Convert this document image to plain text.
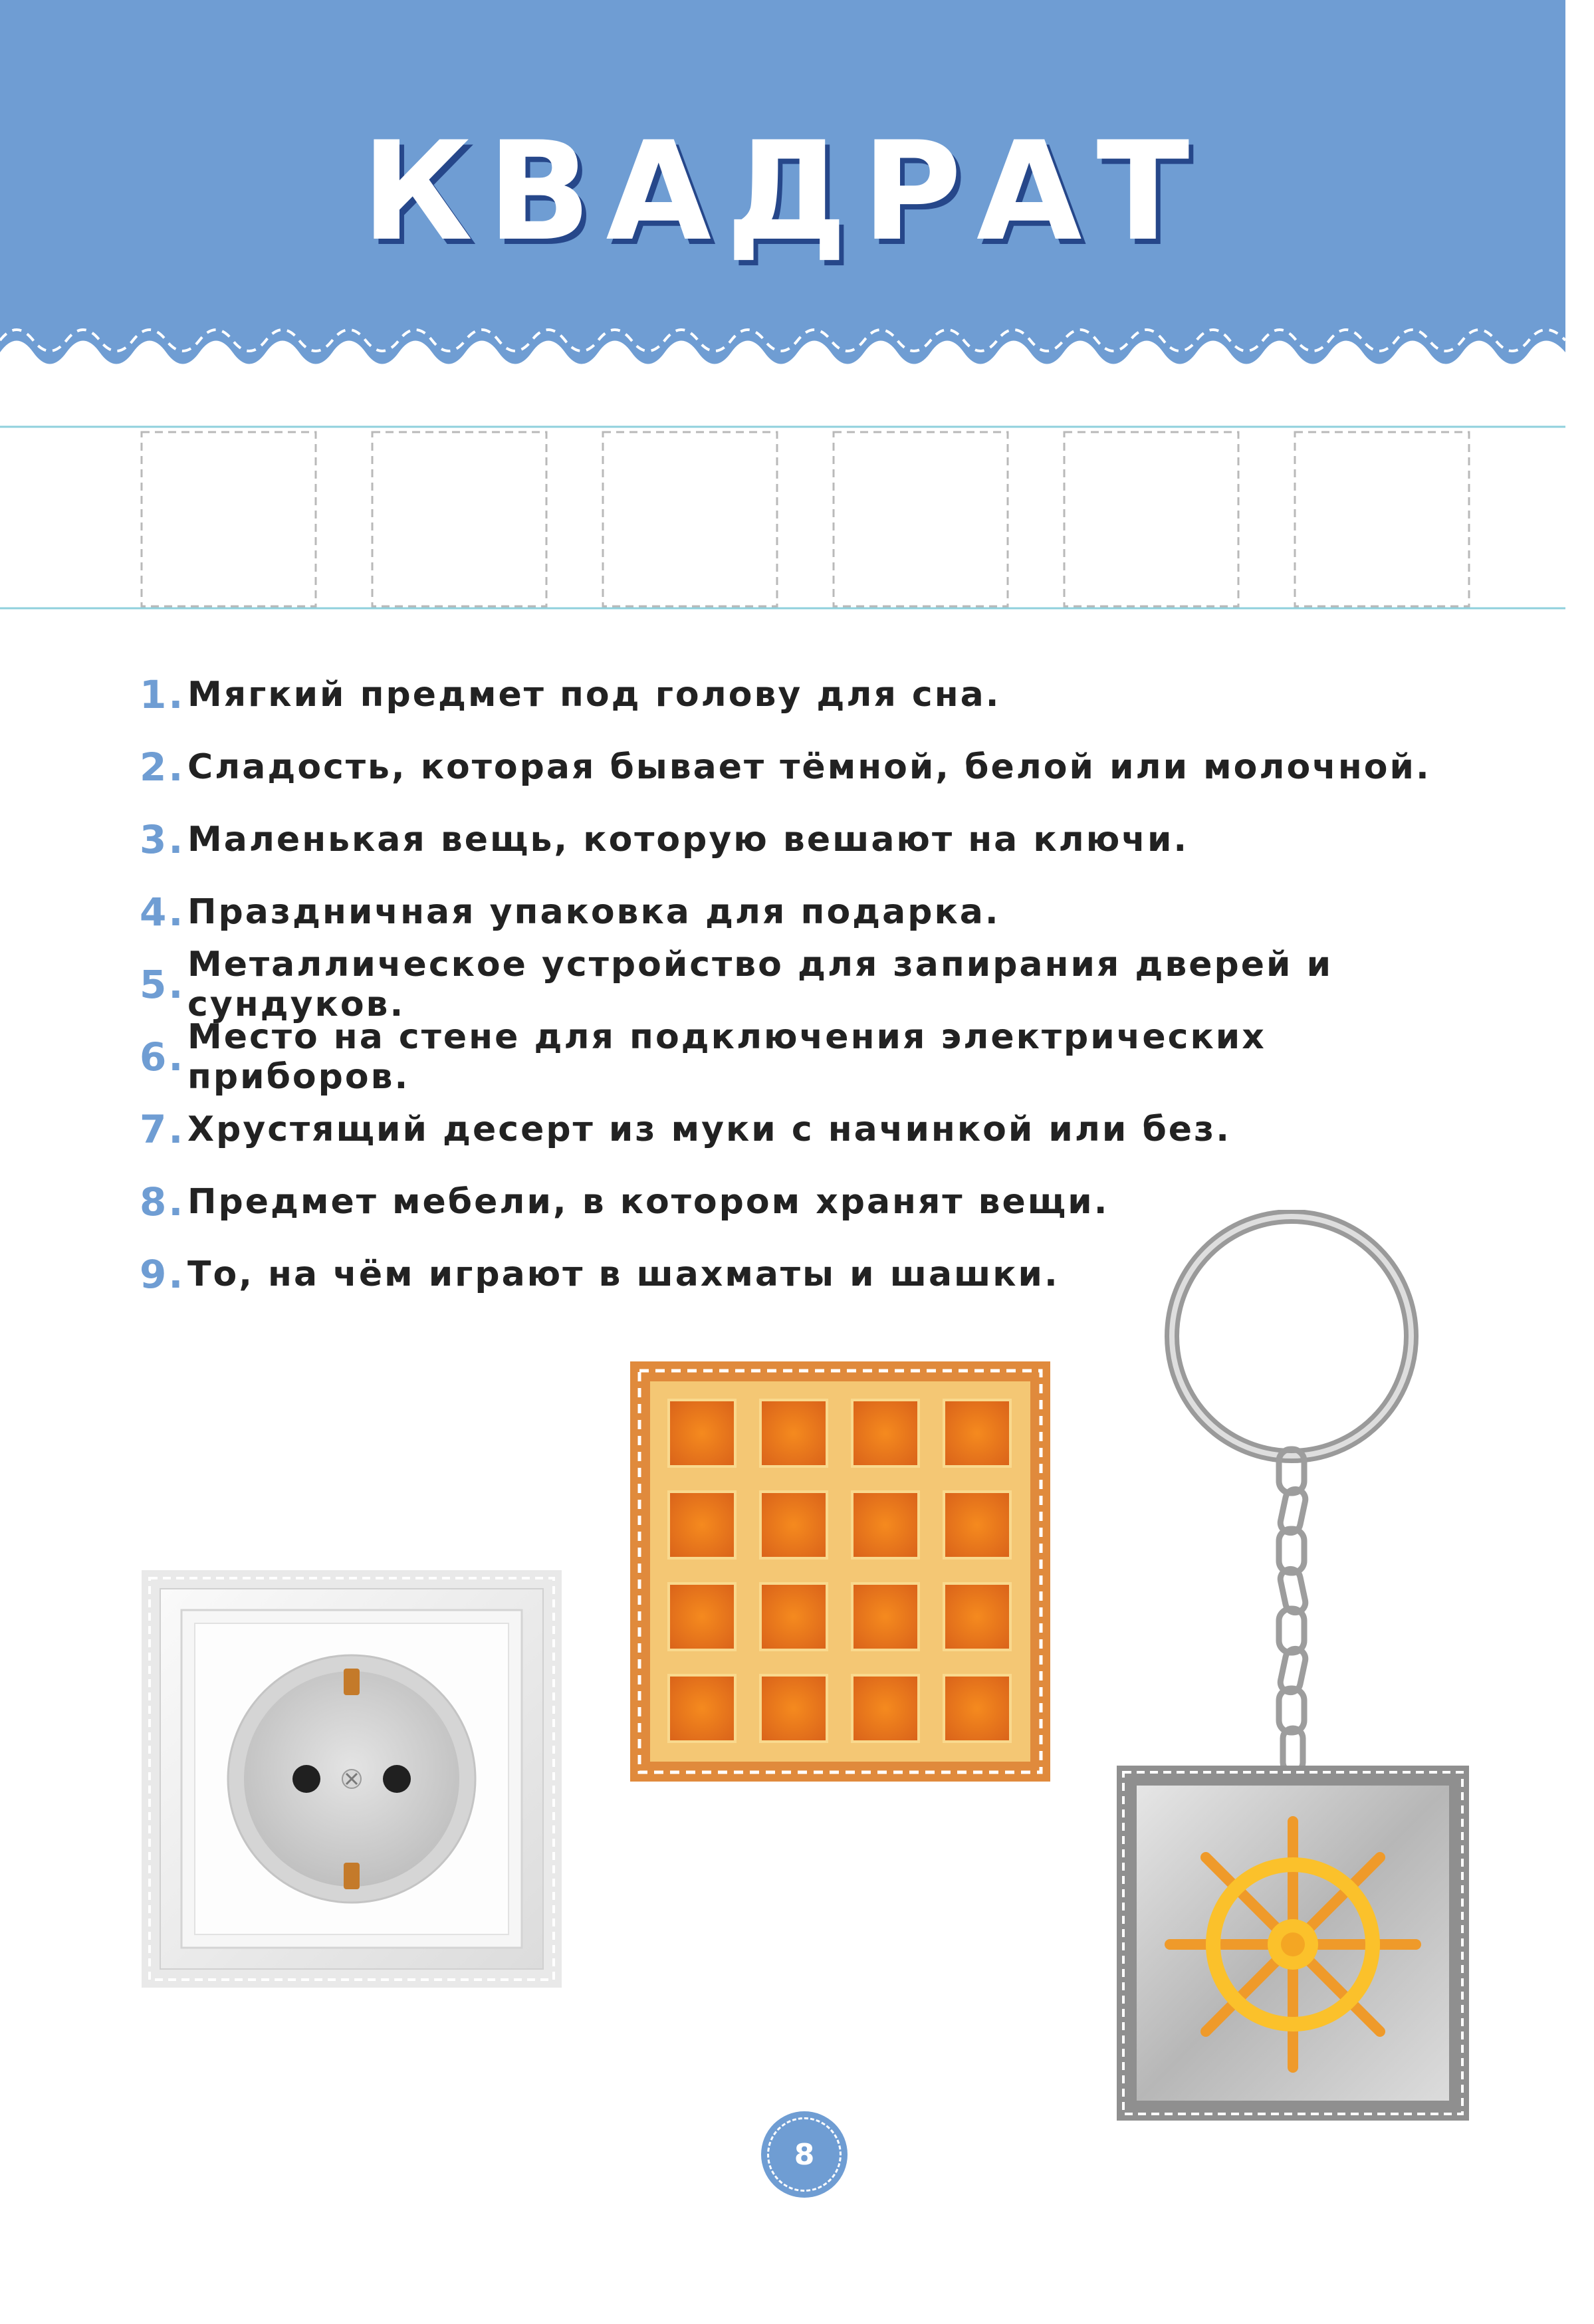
КВАДРАТ
1. Мягкий предмет под голову для сна.
2. Сладость, которая бывает тёмной, белой или молочной.
3. Маленькая вещь, которую вешают на ключи.
4. Праздничная упаковка для подарка.
5. Металлическое устройство для запирания дверей и сундуков.
6. Место на стене для подключения электрических приборов.
7. Хрустящий десерт из муки с начинкой или без.
8. Предмет мебели, в котором хранят вещи.
9. То, на чём играют в шахматы и шашки.
8
